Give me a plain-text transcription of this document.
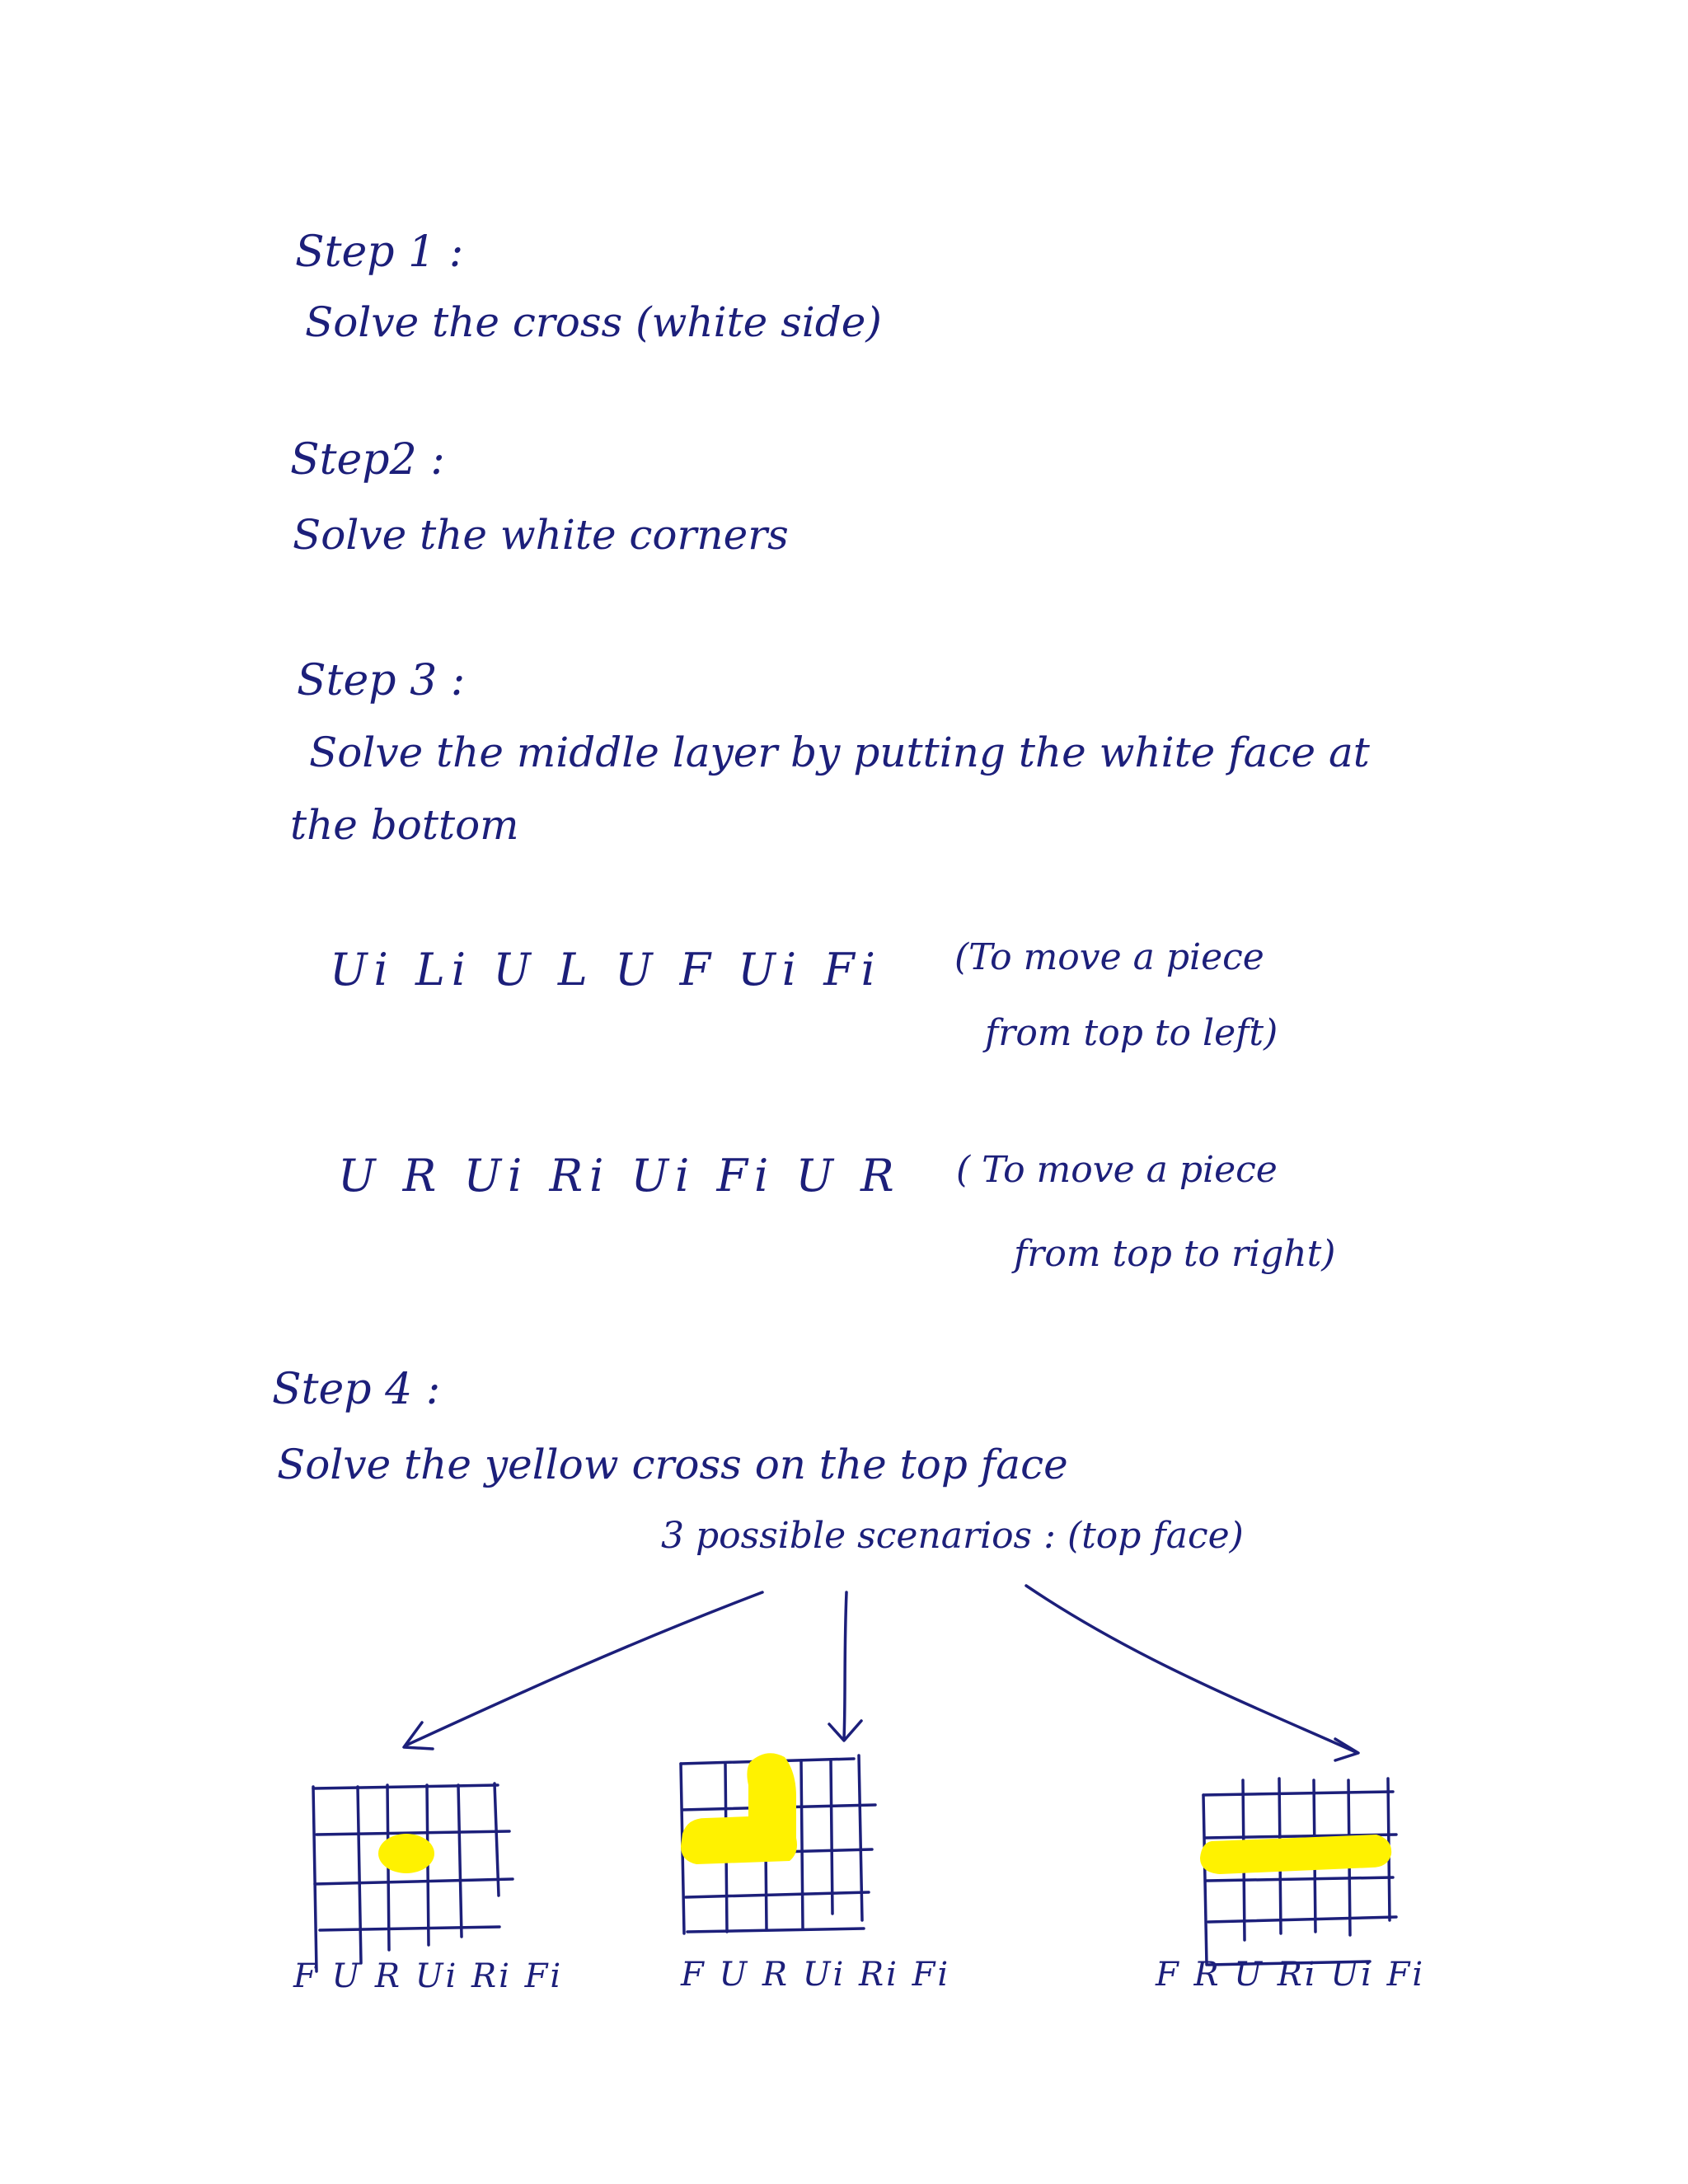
Step 1 :
Solve the cross (white side)
Step2 :
Solve the white corners
Step 3 :
Solve the middle layer by putting the white face at
the bottom
Ui Li U L U F Ui Fi (To move a piece
from top to left)
U R Ui Ri Ui Fi U R ( To move a piece
from top to right)
Step 4 :
Solve the yellow cross on the top face
3 possible scenarios : (top face)
F U R Ui Ri Fi	F U R Ui Ri Fi	F R U Ri Ui Fi
